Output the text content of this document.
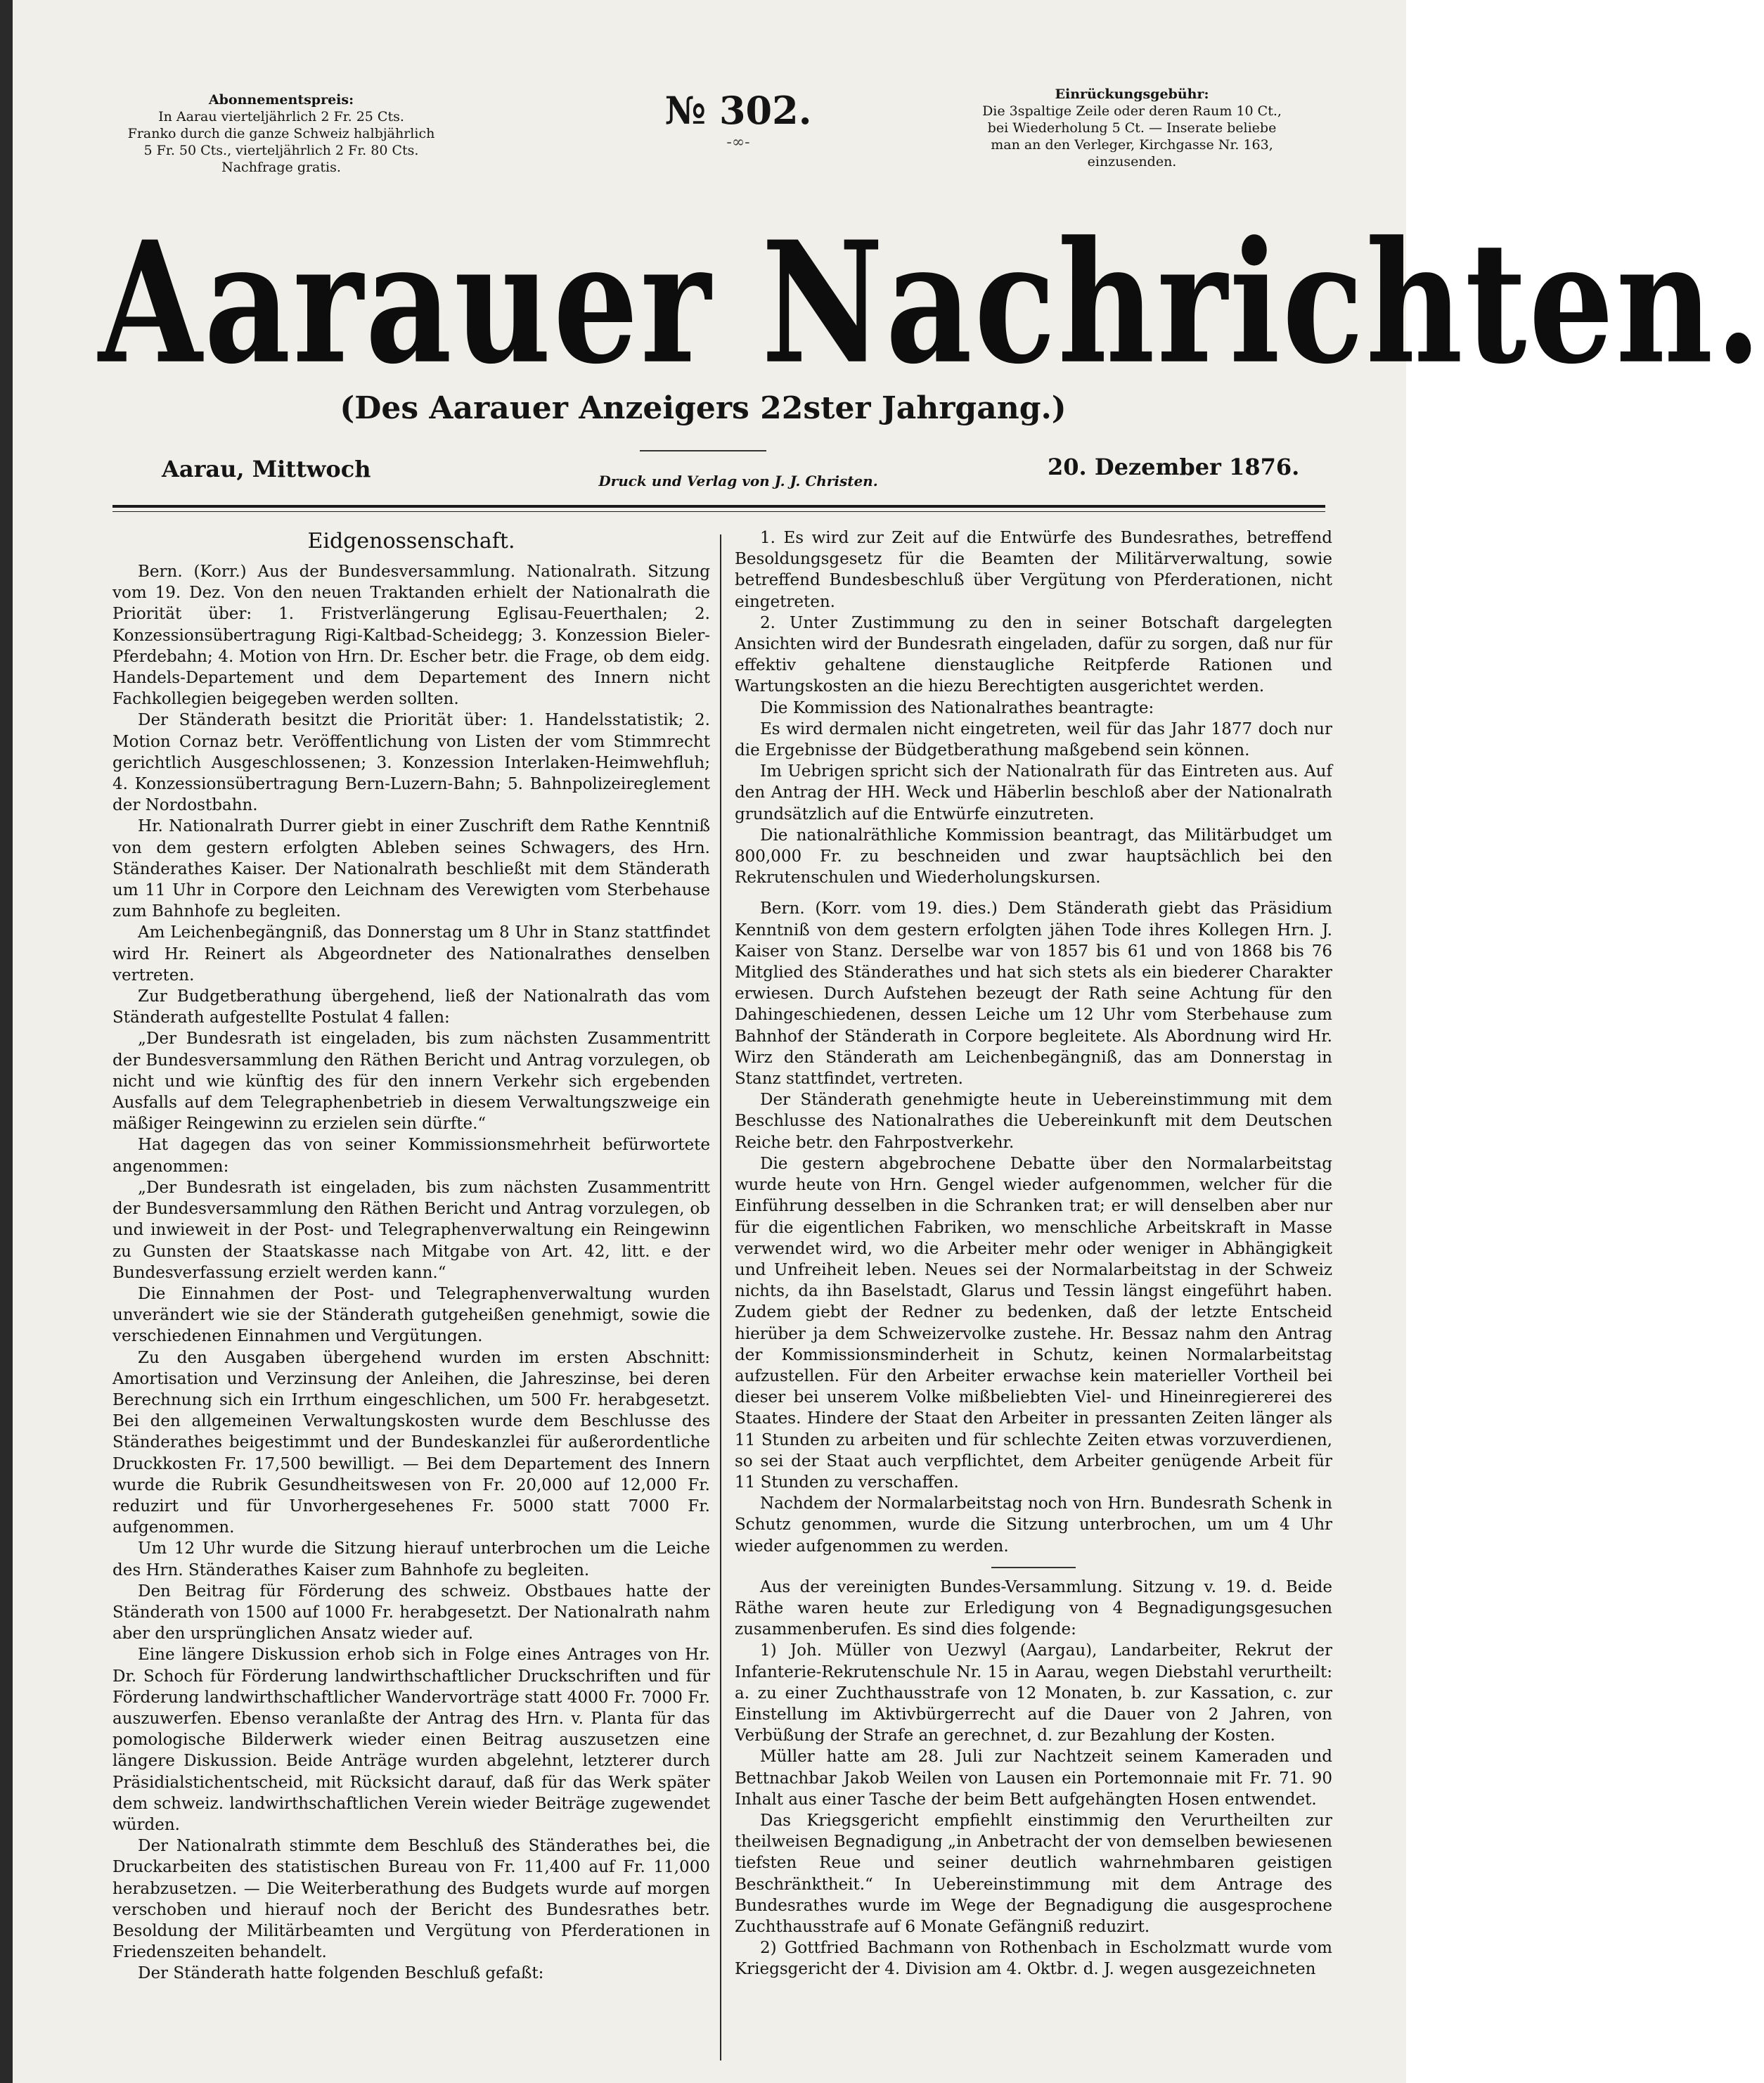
Abonnementspreis:
In Aarau vierteljährlich 2 Fr. 25 Cts.
Franko durch die ganze Schweiz halbjährlich
5 Fr. 50 Cts., vierteljährlich 2 Fr. 80 Cts.
Nachfrage gratis.
№ 302.
-∞-
Einrückungsgebühr:
Die 3spaltige Zeile oder deren Raum 10 Ct.,
bei Wiederholung 5 Ct. — Inserate beliebe
man an den Verleger, Kirchgasse Nr. 163,
einzusenden.
Aarauer Nachrichten.
(Des Aarauer Anzeigers 22ster Jahrgang.)
Aarau, Mittwoch	Druck und Verlag von J. J. Christen.
20. Dezember 1876.
Eidgenossenschaft.

Bern. (Korr.) Aus der Bundesversammlung. Nationalrath. Sitzung vom 19. Dez. Von den neuen Traktanden erhielt der Nationalrath die Priorität über: 1. Fristverlängerung Eglisau-Feuerthalen; 2. Konzessionsübertragung Rigi-Kaltbad-Scheidegg; 3. Konzession Bieler-Pferdebahn; 4. Motion von Hrn. Dr. Escher betr. die Frage, ob dem eidg. Handels-Departement und dem Departement des Innern nicht Fachkollegien beigegeben werden sollten.

Der Ständerath besitzt die Priorität über: 1. Handelsstatistik; 2. Motion Cornaz betr. Veröffentlichung von Listen der vom Stimmrecht gerichtlich Ausgeschlossenen; 3. Konzession Interlaken-Heimwehfluh; 4. Konzessionsübertragung Bern-Luzern-Bahn; 5. Bahnpolizeireglement der Nordostbahn.

Hr. Nationalrath Durrer giebt in einer Zuschrift dem Rathe Kenntniß von dem gestern erfolgten Ableben seines Schwagers, des Hrn. Ständerathes Kaiser. Der Nationalrath beschließt mit dem Ständerath um 11 Uhr in Corpore den Leichnam des Verewigten vom Sterbehause zum Bahnhofe zu begleiten.

Am Leichenbegängniß, das Donnerstag um 8 Uhr in Stanz stattfindet wird Hr. Reinert als Abgeordneter des Nationalrathes denselben vertreten.

Zur Budgetberathung übergehend, ließ der Nationalrath das vom Ständerath aufgestellte Postulat 4 fallen:

„Der Bundesrath ist eingeladen, bis zum nächsten Zusammentritt der Bundesversammlung den Räthen Bericht und Antrag vorzulegen, ob nicht und wie künftig des für den innern Verkehr sich ergebenden Ausfalls auf dem Telegraphenbetrieb in diesem Verwaltungszweige ein mäßiger Reingewinn zu erzielen sein dürfte.“

Hat dagegen das von seiner Kommissionsmehrheit befürwortete angenommen:

„Der Bundesrath ist eingeladen, bis zum nächsten Zusammentritt der Bundesversammlung den Räthen Bericht und Antrag vorzulegen, ob und inwieweit in der Post- und Telegraphenverwaltung ein Reingewinn zu Gunsten der Staatskasse nach Mitgabe von Art. 42, litt. e der Bundesverfassung erzielt werden kann.“

Die Einnahmen der Post- und Telegraphenverwaltung wurden unverändert wie sie der Ständerath gutgeheißen genehmigt, sowie die verschiedenen Einnahmen und Vergütungen.

Zu den Ausgaben übergehend wurden im ersten Abschnitt: Amortisation und Verzinsung der Anleihen, die Jahreszinse, bei deren Berechnung sich ein Irrthum eingeschlichen, um 500 Fr. herabgesetzt. Bei den allgemeinen Verwaltungskosten wurde dem Beschlusse des Ständerathes beigestimmt und der Bundeskanzlei für außerordentliche Druckkosten Fr. 17,500 bewilligt. — Bei dem Departement des Innern wurde die Rubrik Gesundheitswesen von Fr. 20,000 auf 12,000 Fr. reduzirt und für Unvorhergesehenes Fr. 5000 statt 7000 Fr. aufgenommen.

Um 12 Uhr wurde die Sitzung hierauf unterbrochen um die Leiche des Hrn. Ständerathes Kaiser zum Bahnhofe zu begleiten.

Den Beitrag für Förderung des schweiz. Obstbaues hatte der Ständerath von 1500 auf 1000 Fr. herabgesetzt. Der Nationalrath nahm aber den ursprünglichen Ansatz wieder auf.

Eine längere Diskussion erhob sich in Folge eines Antrages von Hr. Dr. Schoch für Förderung landwirthschaftlicher Druckschriften und für Förderung landwirthschaftlicher Wandervorträge statt 4000 Fr. 7000 Fr. auszuwerfen. Ebenso veranlaßte der Antrag des Hrn. v. Planta für das pomologische Bilderwerk wieder einen Beitrag auszusetzen eine längere Diskussion. Beide Anträge wurden abgelehnt, letzterer durch Präsidialstichentscheid, mit Rücksicht darauf, daß für das Werk später dem schweiz. landwirthschaftlichen Verein wieder Beiträge zugewendet würden.

Der Nationalrath stimmte dem Beschluß des Ständerathes bei, die Druckarbeiten des statistischen Bureau von Fr. 11,400 auf Fr. 11,000 herabzusetzen. — Die Weiterberathung des Budgets wurde auf morgen verschoben und hierauf noch der Bericht des Bundesrathes betr. Besoldung der Militärbeamten und Vergütung von Pferderationen in Friedenszeiten behandelt.

Der Ständerath hatte folgenden Beschluß gefaßt:

1. Es wird zur Zeit auf die Entwürfe des Bundesrathes, betreffend Besoldungsgesetz für die Beamten der Militärverwaltung, sowie betreffend Bundesbeschluß über Vergütung von Pferderationen, nicht eingetreten.

2. Unter Zustimmung zu den in seiner Botschaft dargelegten Ansichten wird der Bundesrath eingeladen, dafür zu sorgen, daß nur für effektiv gehaltene dienstaugliche Reitpferde Rationen und Wartungskosten an die hiezu Berechtigten ausgerichtet werden.

Die Kommission des Nationalrathes beantragte:

Es wird dermalen nicht eingetreten, weil für das Jahr 1877 doch nur die Ergebnisse der Büdgetberathung maßgebend sein können.

Im Uebrigen spricht sich der Nationalrath für das Eintreten aus. Auf den Antrag der HH. Weck und Häberlin beschloß aber der Nationalrath grundsätzlich auf die Entwürfe einzutreten.

Die nationalräthliche Kommission beantragt, das Militärbudget um 800,000 Fr. zu beschneiden und zwar hauptsächlich bei den Rekrutenschulen und Wiederholungskursen.

Bern. (Korr. vom 19. dies.) Dem Ständerath giebt das Präsidium Kenntniß von dem gestern erfolgten jähen Tode ihres Kollegen Hrn. J. Kaiser von Stanz. Derselbe war von 1857 bis 61 und von 1868 bis 76 Mitglied des Ständerathes und hat sich stets als ein biederer Charakter erwiesen. Durch Aufstehen bezeugt der Rath seine Achtung für den Dahingeschiedenen, dessen Leiche um 12 Uhr vom Sterbehause zum Bahnhof der Ständerath in Corpore begleitete. Als Abordnung wird Hr. Wirz den Ständerath am Leichenbegängniß, das am Donnerstag in Stanz stattfindet, vertreten.

Der Ständerath genehmigte heute in Uebereinstimmung mit dem Beschlusse des Nationalrathes die Uebereinkunft mit dem Deutschen Reiche betr. den Fahrpostverkehr.

Die gestern abgebrochene Debatte über den Normalarbeitstag wurde heute von Hrn. Gengel wieder aufgenommen, welcher für die Einführung desselben in die Schranken trat; er will denselben aber nur für die eigentlichen Fabriken, wo menschliche Arbeitskraft in Masse verwendet wird, wo die Arbeiter mehr oder weniger in Abhängigkeit und Unfreiheit leben. Neues sei der Normalarbeitstag in der Schweiz nichts, da ihn Baselstadt, Glarus und Tessin längst eingeführt haben. Zudem giebt der Redner zu bedenken, daß der letzte Entscheid hierüber ja dem Schweizervolke zustehe. Hr. Bessaz nahm den Antrag der Kommissionsminderheit in Schutz, keinen Normalarbeitstag aufzustellen. Für den Arbeiter erwachse kein materieller Vortheil bei dieser bei unserem Volke mißbeliebten Viel- und Hineinregiererei des Staates. Hindere der Staat den Arbeiter in pressanten Zeiten länger als 11 Stunden zu arbeiten und für schlechte Zeiten etwas vorzuverdienen, so sei der Staat auch verpflichtet, dem Arbeiter genügende Arbeit für 11 Stunden zu verschaffen.

Nachdem der Normalarbeitstag noch von Hrn. Bundesrath Schenk in Schutz genommen, wurde die Sitzung unterbrochen, um um 4 Uhr wieder aufgenommen zu werden.

Aus der vereinigten Bundes-Versammlung. Sitzung v. 19. d. Beide Räthe waren heute zur Erledigung von 4 Begnadigungsgesuchen zusammenberufen. Es sind dies folgende:

1) Joh. Müller von Uezwyl (Aargau), Landarbeiter, Rekrut der Infanterie-Rekrutenschule Nr. 15 in Aarau, wegen Diebstahl verurtheilt: a. zu einer Zuchthausstrafe von 12 Monaten, b. zur Kassation, c. zur Einstellung im Aktivbürgerrecht auf die Dauer von 2 Jahren, von Verbüßung der Strafe an gerechnet, d. zur Bezahlung der Kosten.

Müller hatte am 28. Juli zur Nachtzeit seinem Kameraden und Bettnachbar Jakob Weilen von Lausen ein Portemonnaie mit Fr. 71. 90 Inhalt aus einer Tasche der beim Bett aufgehängten Hosen entwendet.

Das Kriegsgericht empfiehlt einstimmig den Verurtheilten zur theilweisen Begnadigung „in Anbetracht der von demselben bewiesenen tiefsten Reue und seiner deutlich wahrnehmbaren geistigen Beschränktheit.“ In Uebereinstimmung mit dem Antrage des Bundesrathes wurde im Wege der Begnadigung die ausgesprochene Zuchthausstrafe auf 6 Monate Gefängniß reduzirt.

2) Gottfried Bachmann von Rothenbach in Escholzmatt wurde vom Kriegsgericht der 4. Division am 4. Oktbr. d. J. wegen ausgezeichneten
